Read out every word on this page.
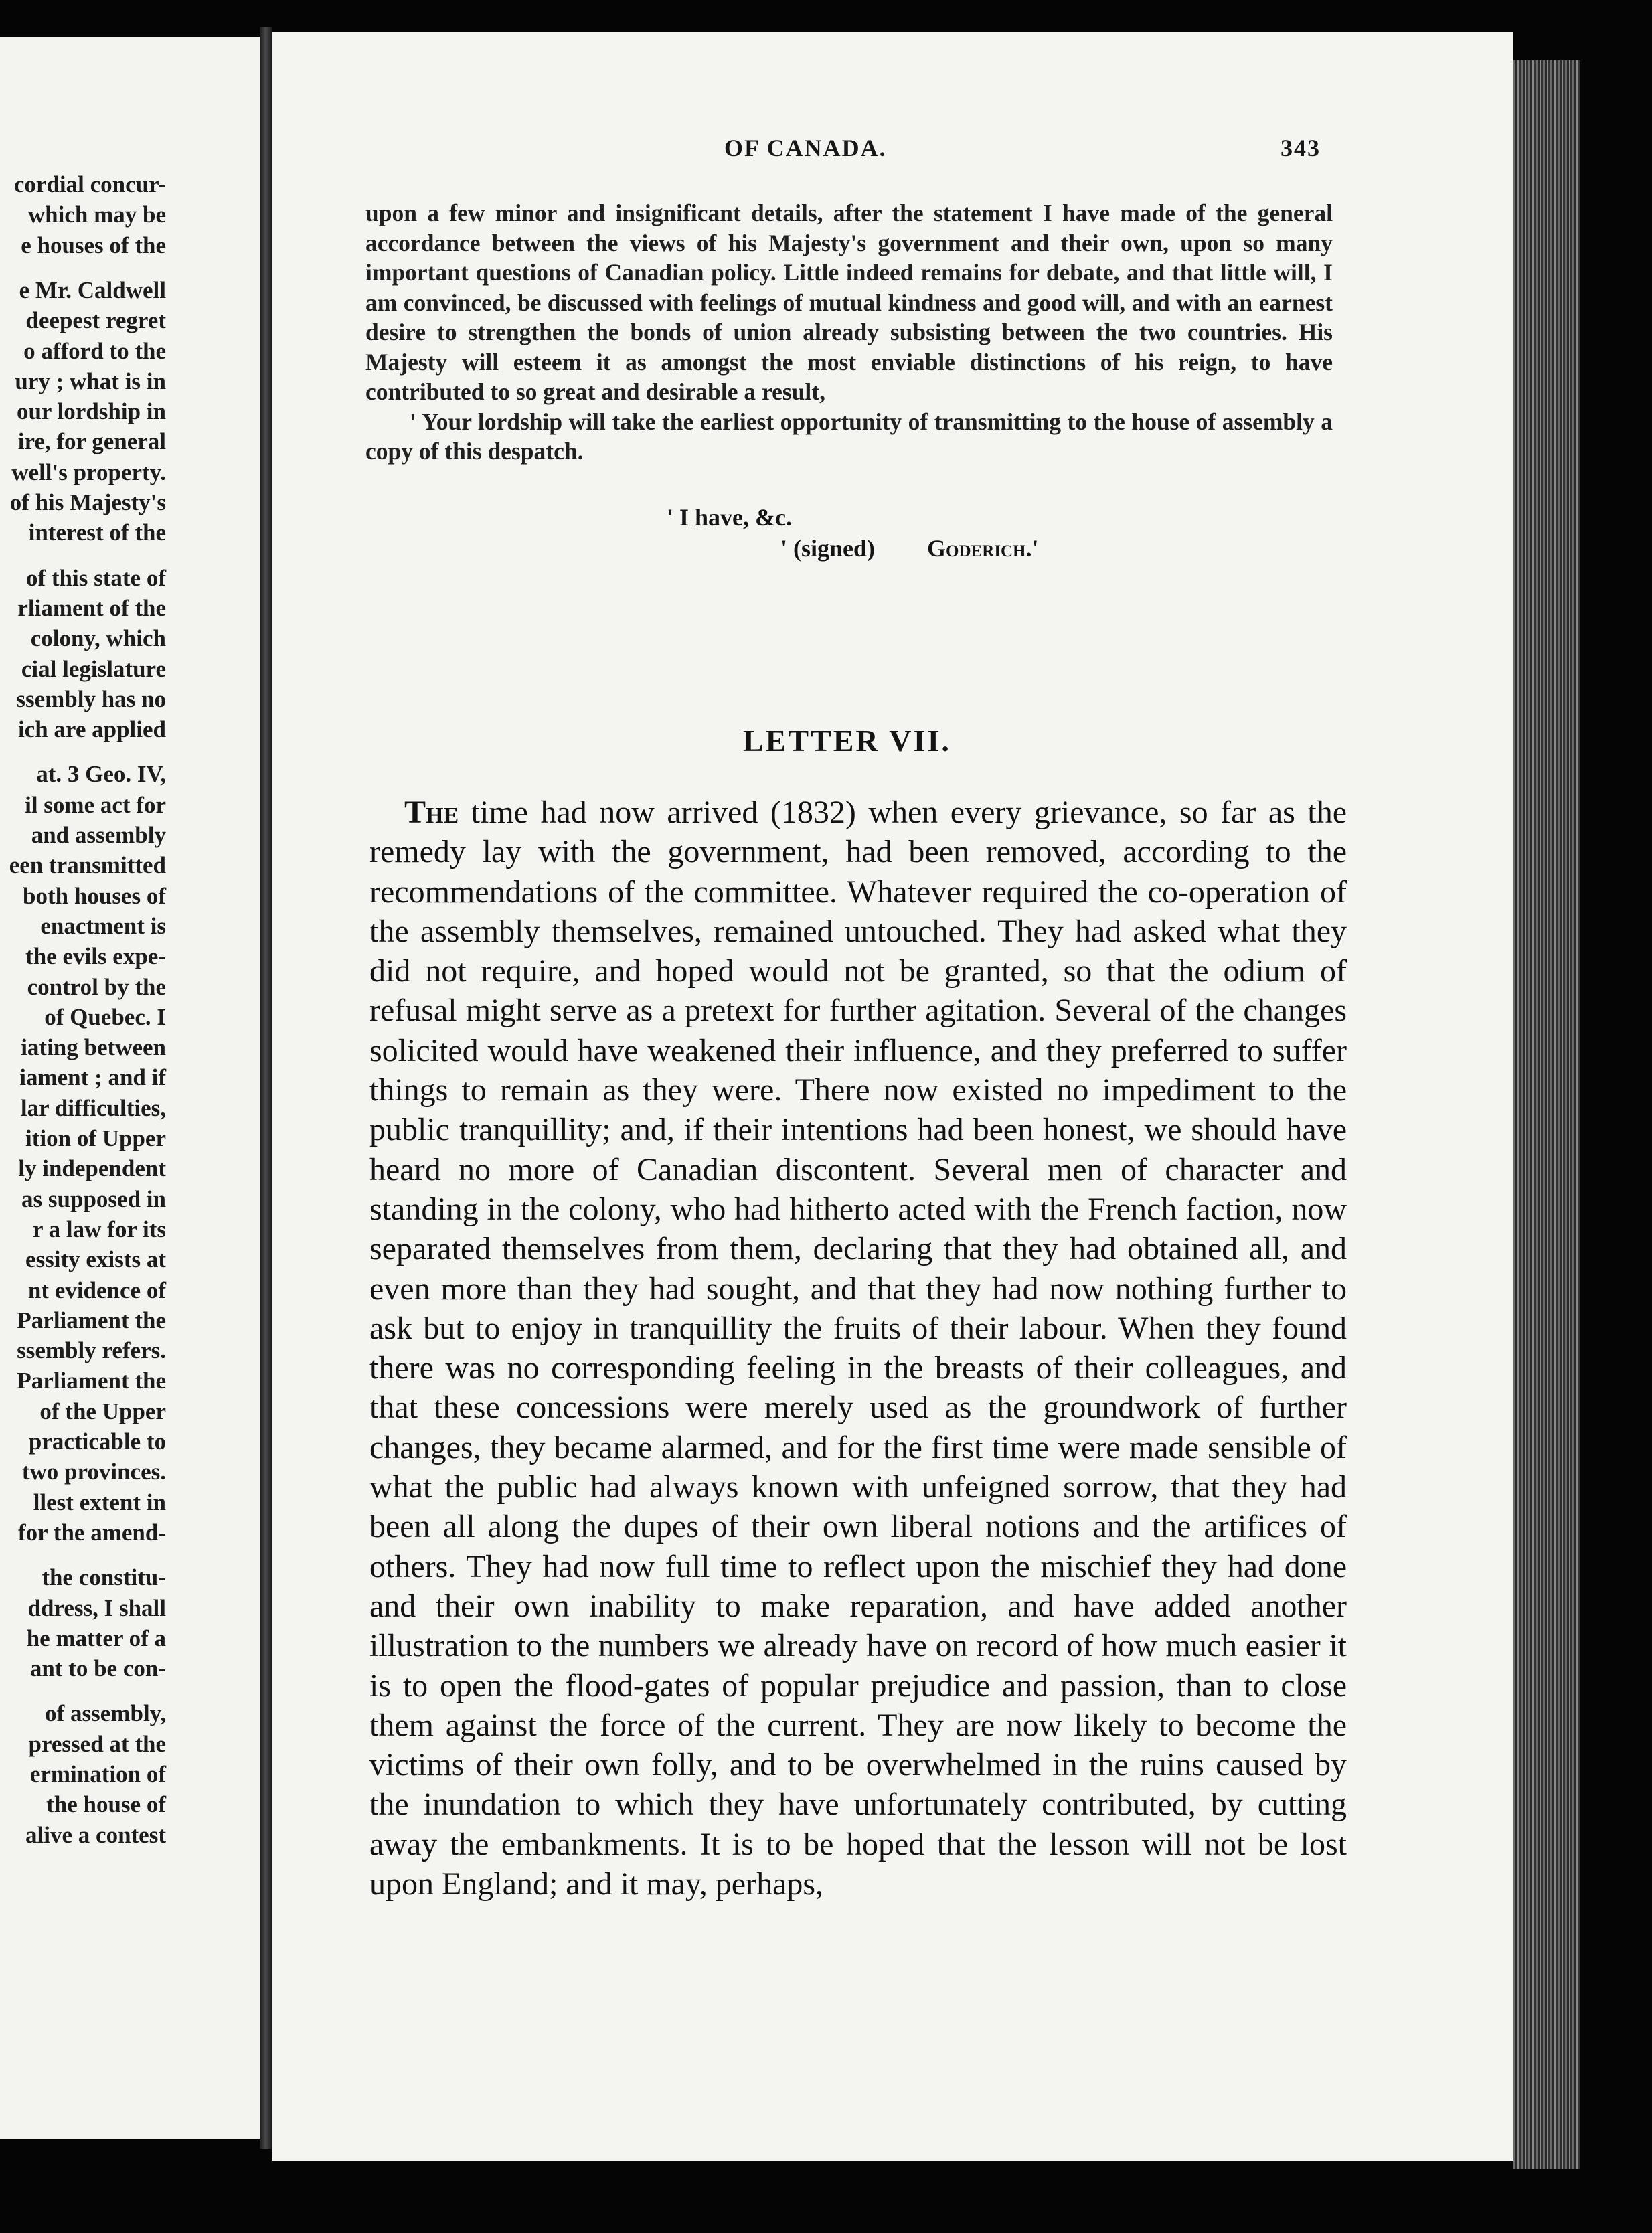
cordial concur-
which may be
e houses of the
e Mr. Caldwell
deepest regret
o afford to the
ury ; what is in
our lordship in
ire, for general
well's property.
of his Majesty's
interest of the
of this state of
rliament of the
colony, which
cial legislature
ssembly has no
ich are applied
at. 3 Geo. IV,
il some act for
and assembly
een transmitted
both houses of
enactment is
the evils expe-
control by the
of Quebec. I
iating between
iament ; and if
lar difficulties,
ition of Upper
ly independent
as supposed in
r a law for its
essity exists at
nt evidence of
Parliament the
ssembly refers.
Parliament the
of the Upper
practicable to
two provinces.
llest extent in
for the amend-
the constitu-
ddress, I shall
he matter of a
ant to be con-
of assembly,
pressed at the
ermination of
the house of
alive a contest
OF CANADA.	343

upon a few minor and insignificant details, after the statement I have made of the general accordance between the views of his Majesty's government and their own, upon so many important questions of Canadian policy. Little indeed remains for debate, and that little will, I am convinced, be discussed with feelings of mutual kindness and good will, and with an earnest desire to strengthen the bonds of union already subsisting between the two countries. His Majesty will esteem it as amongst the most enviable distinctions of his reign, to have contributed to so great and desirable a result,

' Your lordship will take the earliest opportunity of transmitting to the house of assembly a copy of this despatch.

' I have, &c.
' (signed) Goderich.'
LETTER VII.

The time had now arrived (1832) when every grievance, so far as the remedy lay with the government, had been removed, according to the recommendations of the committee. Whatever required the co-operation of the assembly themselves, remained untouched. They had asked what they did not require, and hoped would not be granted, so that the odium of refusal might serve as a pretext for further agitation. Several of the changes solicited would have weakened their influence, and they preferred to suffer things to remain as they were. There now existed no impediment to the public tranquillity; and, if their intentions had been honest, we should have heard no more of Canadian discontent. Several men of character and standing in the colony, who had hitherto acted with the French faction, now separated themselves from them, declaring that they had obtained all, and even more than they had sought, and that they had now nothing further to ask but to enjoy in tranquillity the fruits of their labour. When they found there was no corresponding feeling in the breasts of their colleagues, and that these concessions were merely used as the groundwork of further changes, they became alarmed, and for the first time were made sensible of what the public had always known with unfeigned sorrow, that they had been all along the dupes of their own liberal notions and the artifices of others. They had now full time to reflect upon the mischief they had done and their own inability to make reparation, and have added another illustration to the numbers we already have on record of how much easier it is to open the flood-gates of popular prejudice and passion, than to close them against the force of the current. They are now likely to become the victims of their own folly, and to be overwhelmed in the ruins caused by the inundation to which they have unfortunately contributed, by cutting away the embankments. It is to be hoped that the lesson will not be lost upon England; and it may, perhaps,
